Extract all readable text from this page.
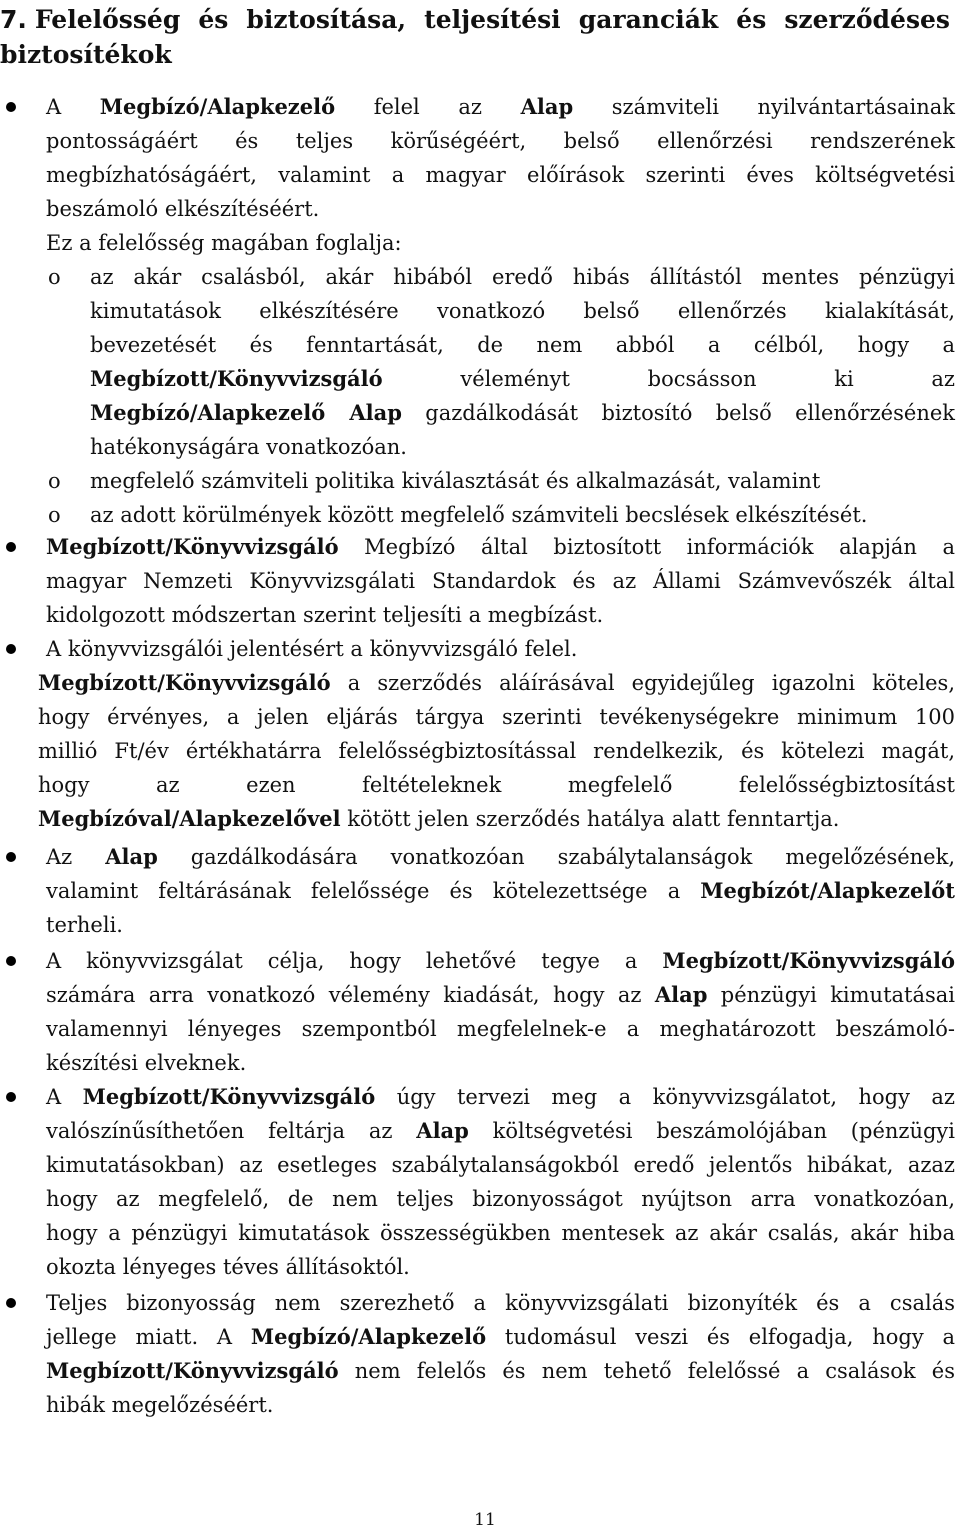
7. Felelősség és biztosítása, teljesítési garanciák és szerződéses biztosítékok
A Megbízó/Alapkezelő felel az Alap számviteli nyilvántartásainak
pontosságáért és teljes körűségéért, belső ellenőrzési rendszerének
megbízhatóságáért, valamint a magyar előírások szerinti éves költségvetési
beszámoló elkészítéséért.
Ez a felelősség magában foglalja:
az akár csalásból, akár hibából eredő hibás állítástól mentes pénzügyi
o
kimutatások elkészítésére vonatkozó belső ellenőrzés kialakítását,
bevezetését és fenntartását, de nem abból a célból, hogy a
Megbízott/Könyvvizsgáló véleményt bocsásson ki az
Megbízó/Alapkezelő Alap gazdálkodását biztosító belső ellenőrzésének
hatékonyságára vonatkozóan.
megfelelő számviteli politika kiválasztását és alkalmazását, valamint
o
az adott körülmények között megfelelő számviteli becslések elkészítését.
o
Megbízott/Könyvvizsgáló Megbízó által biztosított információk alapján a
magyar Nemzeti Könyvvizsgálati Standardok és az Állami Számvevőszék által
kidolgozott módszertan szerint teljesíti a megbízást.
A könyvvizsgálói jelentésért a könyvvizsgáló felel.
Megbízott/Könyvvizsgáló a szerződés aláírásával egyidejűleg igazolni köteles,
hogy érvényes, a jelen eljárás tárgya szerinti tevékenységekre minimum 100
millió Ft/év értékhatárra felelősségbiztosítással rendelkezik, és kötelezi magát,
hogy az ezen feltételeknek megfelelő felelősségbiztosítást
Megbízóval/Alapkezelővel kötött jelen szerződés hatálya alatt fenntartja.
Az Alap gazdálkodására vonatkozóan szabálytalanságok megelőzésének,
valamint feltárásának felelőssége és kötelezettsége a Megbízót/Alapkezelőt
terheli.
A könyvvizsgálat célja, hogy lehetővé tegye a Megbízott/Könyvvizsgáló
számára arra vonatkozó vélemény kiadását, hogy az Alap pénzügyi kimutatásai
valamennyi lényeges szempontból megfelelnek-e a meghatározott beszámoló-
készítési elveknek.
A Megbízott/Könyvvizsgáló úgy tervezi meg a könyvvizsgálatot, hogy az
valószínűsíthetően feltárja az Alap költségvetési beszámolójában (pénzügyi
kimutatásokban) az esetleges szabálytalanságokból eredő jelentős hibákat, azaz
hogy az megfelelő, de nem teljes bizonyosságot nyújtson arra vonatkozóan,
hogy a pénzügyi kimutatások összességükben mentesek az akár csalás, akár hiba
okozta lényeges téves állításoktól.
Teljes bizonyosság nem szerezhető a könyvvizsgálati bizonyíték és a csalás
jellege miatt. A Megbízó/Alapkezelő tudomásul veszi és elfogadja, hogy a
Megbízott/Könyvvizsgáló nem felelős és nem tehető felelőssé a csalások és
hibák megelőzéséért.
11
